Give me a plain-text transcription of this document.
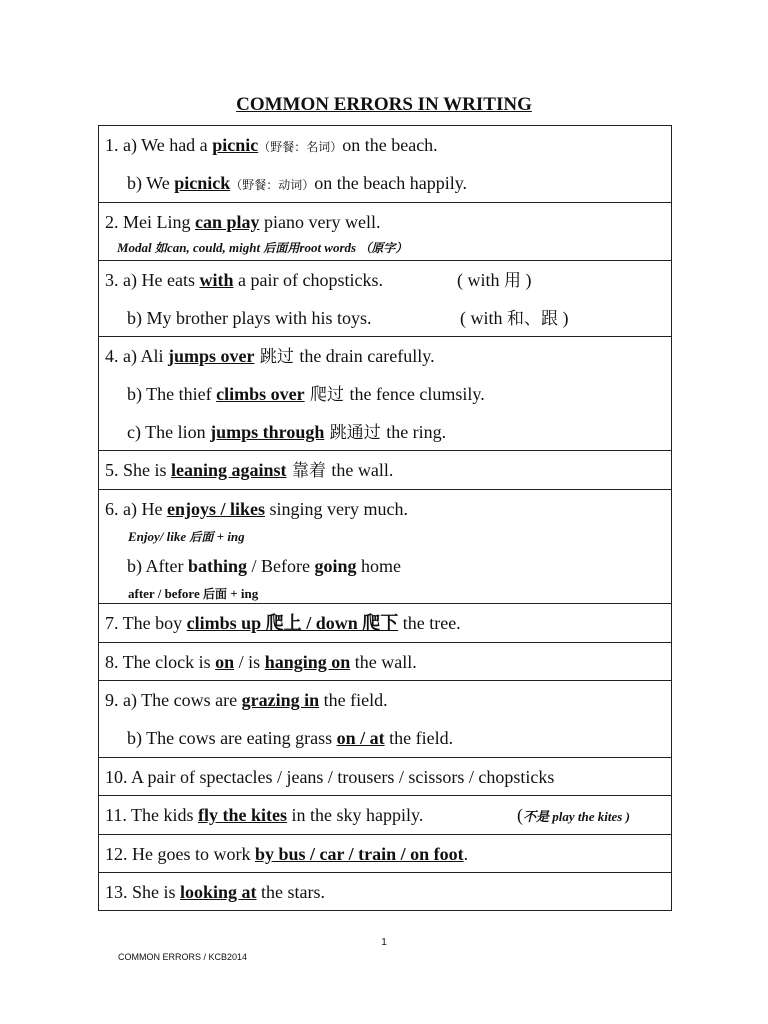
COMMON ERRORS IN WRITING
1. a) We had a picnic（野餐：名词）on the beach.
b) We picnick（野餐：动词）on the beach happily.
2. Mei Ling can play piano very well.
Modal 如can, could, might 后面用root words （原字）
3. a) He eats with a pair of chopsticks.	( with 用 )
b) My brother plays with his toys.	( with 和、跟 )
4. a) Ali jumps over 跳过 the drain carefully.
b) The thief climbs over 爬过 the fence clumsily.
c) The lion jumps through 跳通过 the ring.
5. She is leaning against 靠着 the wall.
6. a) He enjoys / likes singing very much.
Enjoy/ like 后面 + ing
b) After bathing / Before going home
after / before 后面 + ing
7. The boy climbs up 爬上 / down 爬下 the tree.
8. The clock is on / is hanging on the wall.
9. a) The cows are grazing in the field.
b) The cows are eating grass on / at the field.
10. A pair of spectacles / jeans / trousers / scissors / chopsticks
11. The kids fly the kites in the sky happily.	(不是 play the kites )
12. He goes to work by bus / car / train / on foot.
13. She is looking at the stars.
1
COMMON ERRORS / KCB2014
